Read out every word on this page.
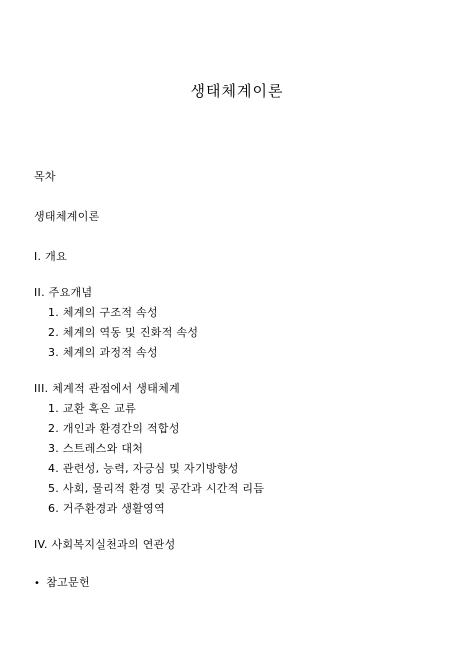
생태체계이론
목차
생태체계이론
I. 개요
II. 주요개념
1. 체계의 구조적 속성
2. 체계의 역동 및 진화적 속성
3. 체계의 과정적 속성
III. 체계적 관점에서 생태체계
1. 교환 혹은 교류
2. 개인과 환경간의 적합성
3. 스트레스와 대처
4. 관련성, 능력, 자긍심 및 자기방향성
5. 사회, 물리적 환경 및 공간과 시간적 리듬
6. 거주환경과 생활영역
IV. 사회복지실천과의 연관성
• 참고문헌
